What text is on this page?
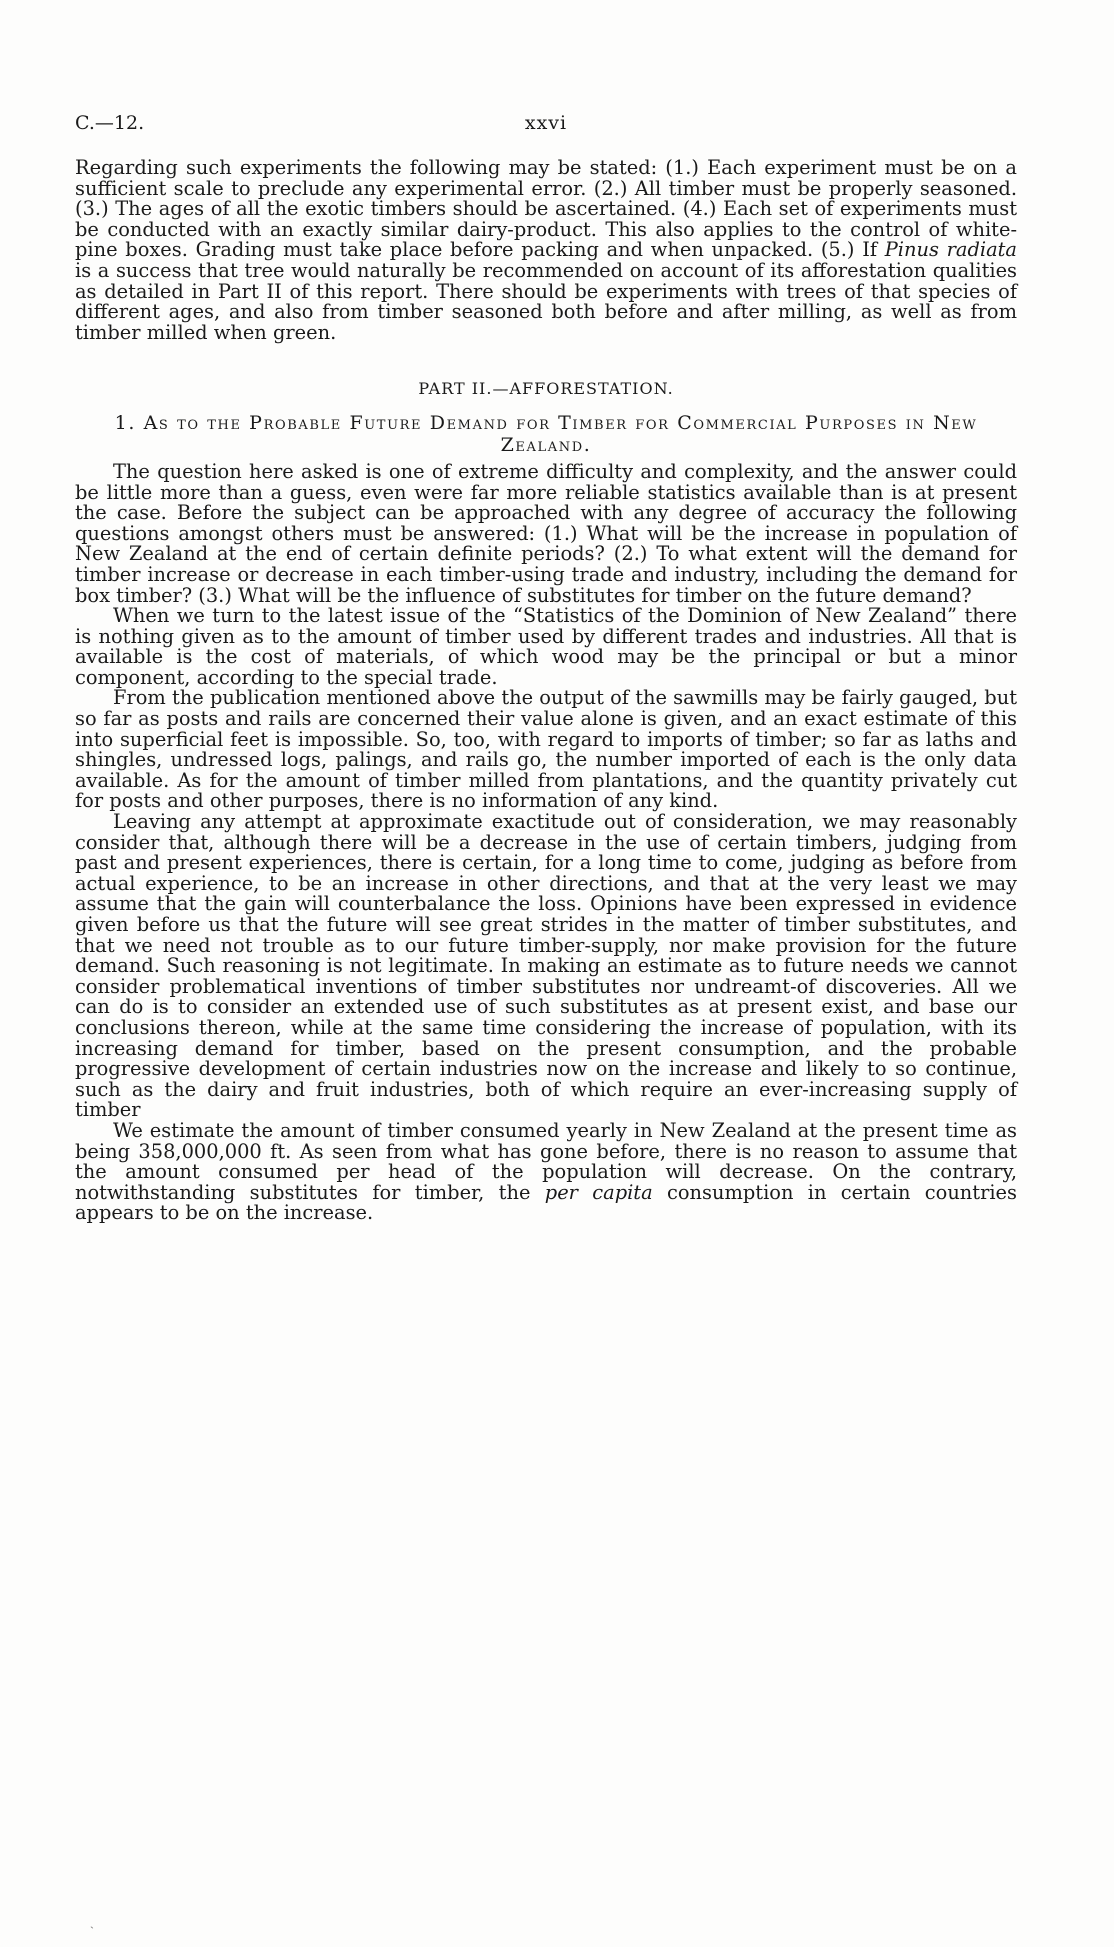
C.—12.	xxvi

Regarding such experiments the following may be stated: (1.) Each experiment must be on a sufficient scale to preclude any experimental error. (2.) All timber must be properly seasoned. (3.) The ages of all the exotic timbers should be ascertained. (4.) Each set of experiments must be conducted with an exactly similar dairy-product. This also applies to the control of white-pine boxes. Grading must take place before packing and when unpacked. (5.) If Pinus radiata is a success that tree would naturally be recommended on account of its afforestation qualities as detailed in Part II of this report. There should be experiments with trees of that species of different ages, and also from timber seasoned both before and after milling, as well as from timber milled when green.

PART II.—AFFORESTATION.
1. As to the Probable Future Demand for Timber for Commercial Purposes in New Zealand.

The question here asked is one of extreme difficulty and complexity, and the answer could be little more than a guess, even were far more reliable statistics available than is at present the case. Before the subject can be approached with any degree of accuracy the following questions amongst others must be answered: (1.) What will be the increase in population of New Zealand at the end of certain definite periods? (2.) To what extent will the demand for timber increase or decrease in each timber-using trade and industry, including the demand for box timber? (3.) What will be the influence of substitutes for timber on the future demand?

When we turn to the latest issue of the “Statistics of the Dominion of New Zealand” there is nothing given as to the amount of timber used by different trades and industries. All that is available is the cost of materials, of which wood may be the principal or but a minor component, according to the special trade.

From the publication mentioned above the output of the sawmills may be fairly gauged, but so far as posts and rails are concerned their value alone is given, and an exact estimate of this into superficial feet is impossible. So, too, with regard to imports of timber; so far as laths and shingles, undressed logs, palings, and rails go, the number imported of each is the only data available. As for the amount of timber milled from plantations, and the quantity privately cut for posts and other purposes, there is no information of any kind.

Leaving any attempt at approximate exactitude out of consideration, we may reasonably consider that, although there will be a decrease in the use of certain timbers, judging from past and present experiences, there is certain, for a long time to come, judging as before from actual experience, to be an increase in other directions, and that at the very least we may assume that the gain will counterbalance the loss. Opinions have been expressed in evidence given before us that the future will see great strides in the matter of timber substitutes, and that we need not trouble as to our future timber-supply, nor make provision for the future demand. Such reasoning is not legitimate. In making an estimate as to future needs we cannot consider problematical inventions of timber substitutes nor undreamt-of discoveries. All we can do is to consider an extended use of such substitutes as at present exist, and base our conclusions thereon, while at the same time considering the increase of population, with its increasing demand for timber, based on the present consumption, and the probable progressive development of certain industries now on the increase and likely to so continue, such as the dairy and fruit industries, both of which require an ever-increasing supply of timber

We estimate the amount of timber consumed yearly in New Zealand at the present time as being 358,000,000 ft. As seen from what has gone before, there is no reason to assume that the amount consumed per head of the population will decrease. On the contrary, notwithstanding substitutes for timber, the per capita consumption in certain countries appears to be on the increase.

ˎ
